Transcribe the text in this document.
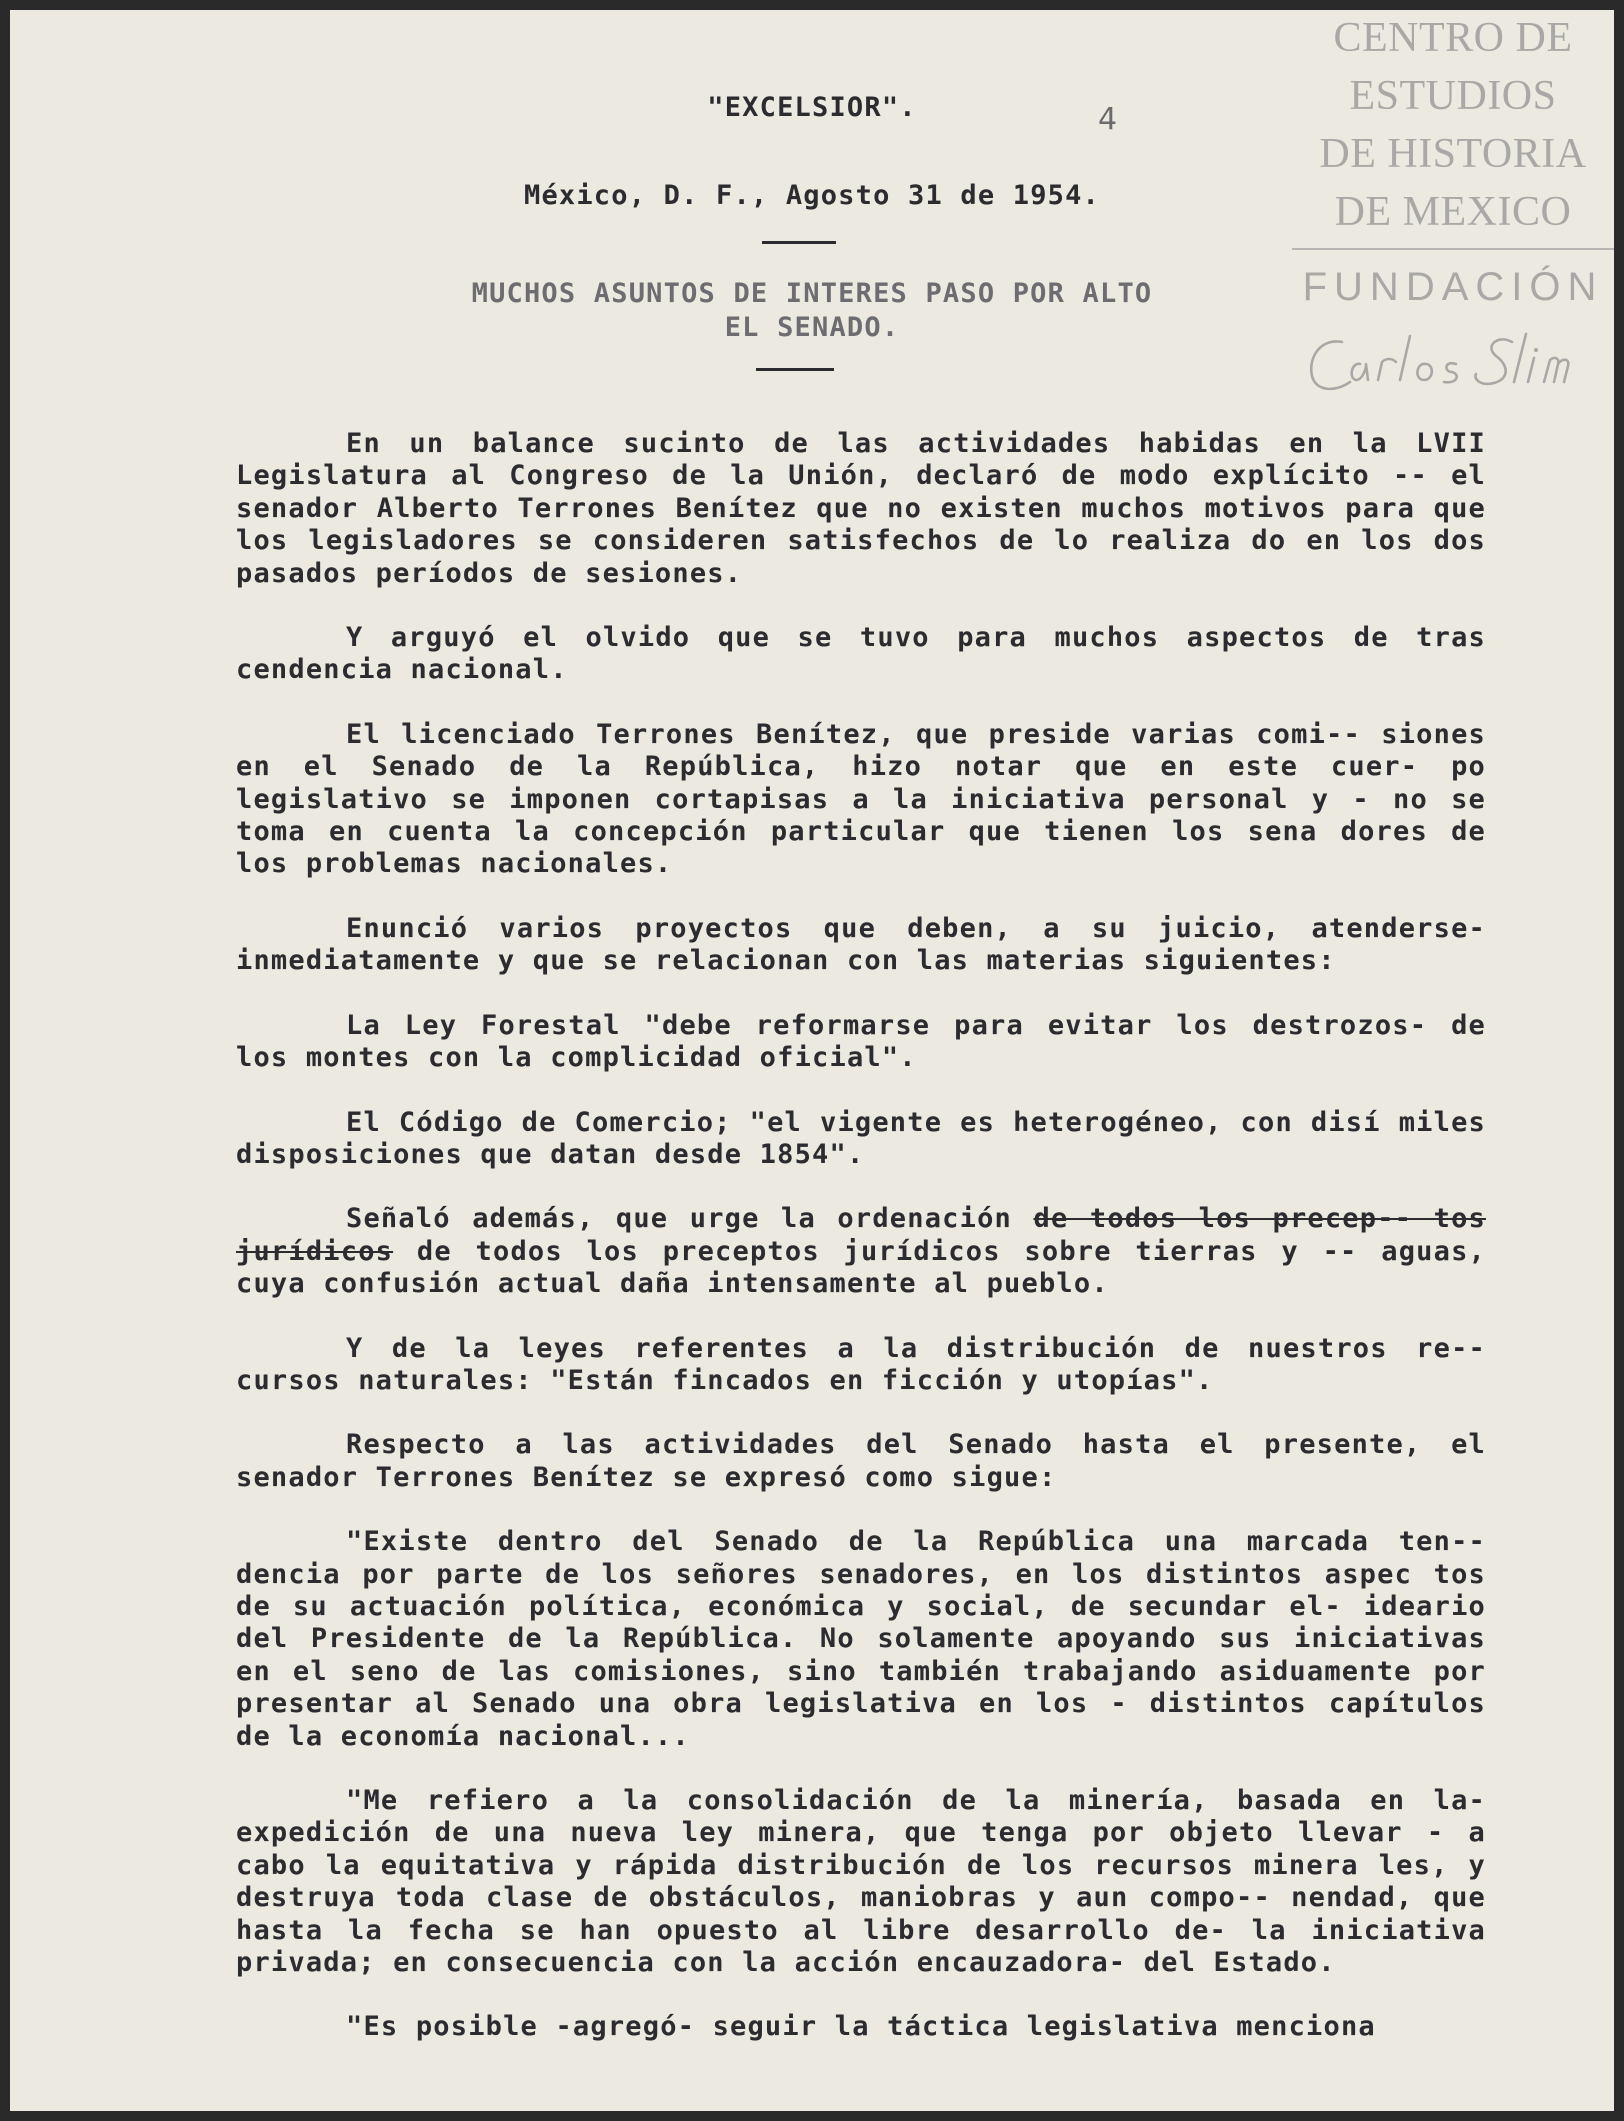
CENTRO DE
ESTUDIOS
DE HISTORIA
DE MEXICO
FUNDACIÓN
4
"EXCELSIOR".
México, D. F., Agosto 31 de 1954.
MUCHOS ASUNTOS DE INTERES PASO POR ALTO
EL SENADO.

En un balance sucinto de las actividades habidas en la LVII Legislatura al Congreso de la Unión, declaró de modo explícito -- el senador Alberto Terrones Benítez que no existen muchos motivos para que los legisladores se consideren satisfechos de lo realiza do en los dos pasados períodos de sesiones.

Y arguyó el olvido que se tuvo para muchos aspectos de tras cendencia nacional.

El licenciado Terrones Benítez, que preside varias comi-- siones en el Senado de la República, hizo notar que en este cuer- po legislativo se imponen cortapisas a la iniciativa personal y - no se toma en cuenta la concepción particular que tienen los sena dores de los problemas nacionales.

Enunció varios proyectos que deben, a su juicio, atenderse- inmediatamente y que se relacionan con las materias siguientes:

La Ley Forestal "debe reformarse para evitar los destrozos- de los montes con la complicidad oficial".

El Código de Comercio; "el vigente es heterogéneo, con disí miles disposiciones que datan desde 1854".

Señaló además, que urge la ordenación de todos los precep-- tos jurídicos de todos los preceptos jurídicos sobre tierras y -- aguas, cuya confusión actual daña intensamente al pueblo.

Y de la leyes referentes a la distribución de nuestros re-- cursos naturales: "Están fincados en ficción y utopías".

Respecto a las actividades del Senado hasta el presente, el senador Terrones Benítez se expresó como sigue:

"Existe dentro del Senado de la República una marcada ten-- dencia por parte de los señores senadores, en los distintos aspec tos de su actuación política, económica y social, de secundar el- ideario del Presidente de la República. No solamente apoyando sus iniciativas en el seno de las comisiones, sino también trabajando asiduamente por presentar al Senado una obra legislativa en los - distintos capítulos de la economía nacional...

"Me refiero a la consolidación de la minería, basada en la- expedición de una nueva ley minera, que tenga por objeto llevar - a cabo la equitativa y rápida distribución de los recursos minera les, y destruya toda clase de obstáculos, maniobras y aun compo-- nendad, que hasta la fecha se han opuesto al libre desarrollo de- la iniciativa privada; en consecuencia con la acción encauzadora- del Estado.

"Es posible -agregó- seguir la táctica legislativa menciona
